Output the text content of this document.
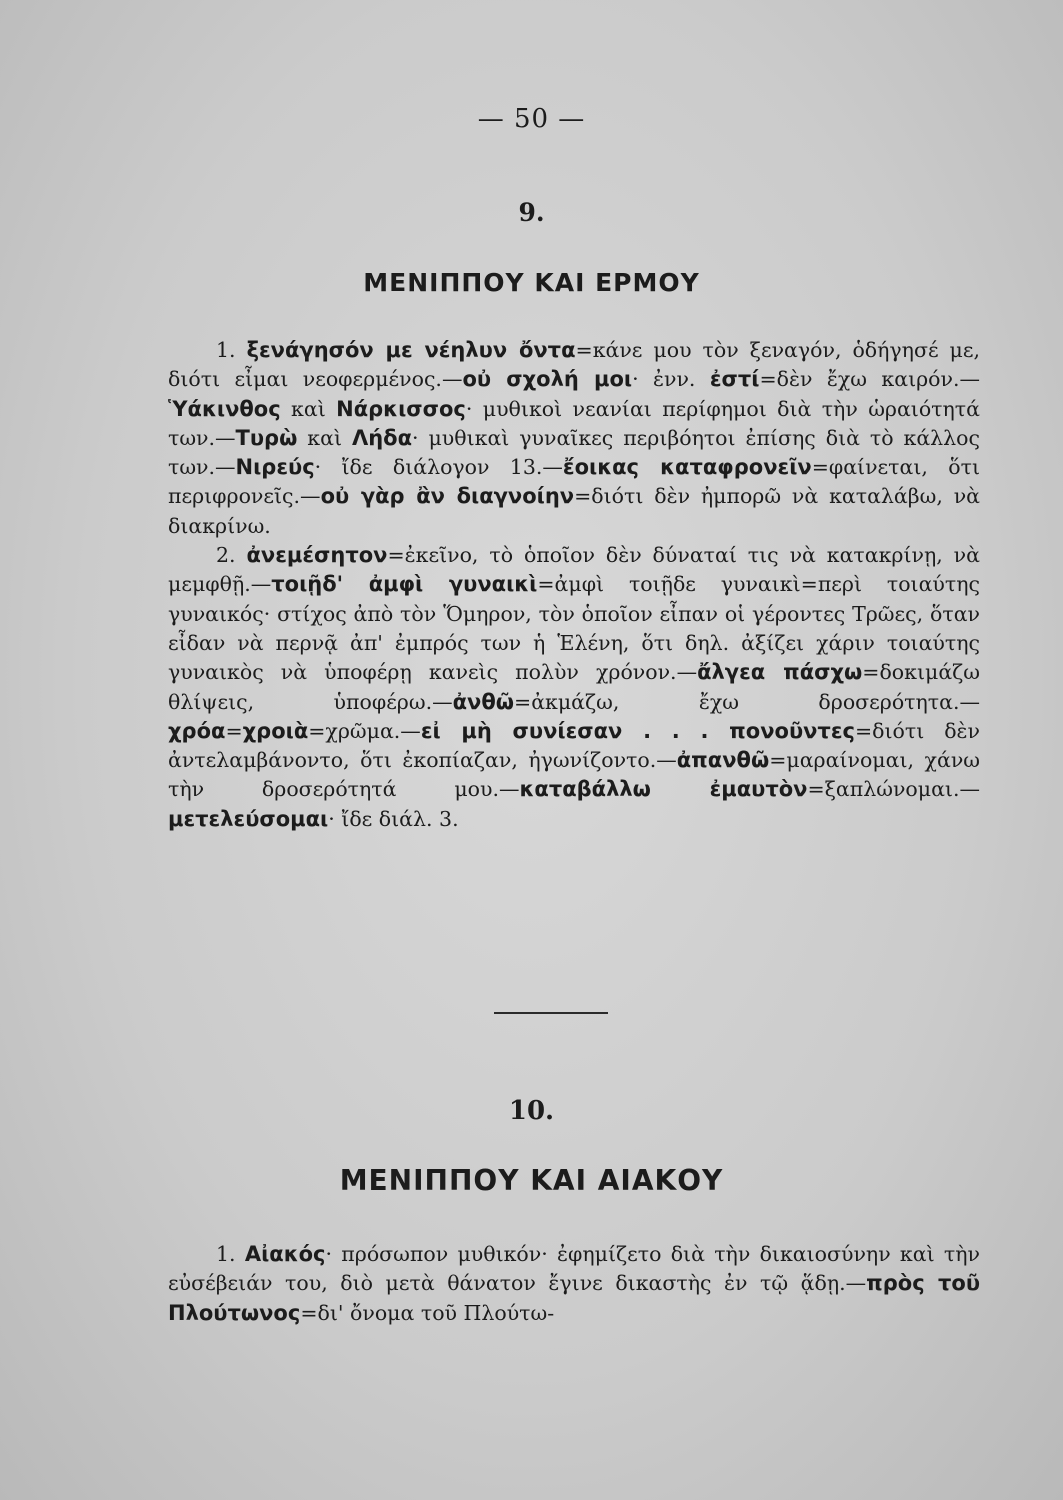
— 50 —
9.
ΜΕΝΙΠΠΟΥ ΚΑΙ ΕΡΜΟΥ

1. ξενάγησόν με νέηλυν ὄντα=κάνε μου τὸν ξεναγόν, ὁδήγησέ με, διότι εἶμαι νεοφερμένος.—οὐ σχολή μοι· ἐνν. ἐστί=δὲν ἔχω καιρόν.—Ὑάκινθος καὶ Νάρκισσος· μυθικοὶ νεανίαι περίφημοι διὰ τὴν ὡραιότητά των.—Τυρὼ καὶ Λήδα· μυθικαὶ γυναῖκες περιβόητοι ἐπίσης διὰ τὸ κάλλος των.—Νιρεύς· ἴδε διάλογον 13.—ἔοικας καταφρονεῖν=φαίνεται, ὅτι περιφρονεῖς.—οὐ γὰρ ἂν διαγνοίην=διότι δὲν ἠμπορῶ νὰ καταλάβω, νὰ διακρίνω.

2. ἀνεμέσητον=ἐκεῖνο, τὸ ὁποῖον δὲν δύναταί τις νὰ κατακρίνῃ, νὰ μεμφθῇ.—τοιῇδ' ἀμφὶ γυναικὶ=ἀμφὶ τοιῇδε γυναικὶ=περὶ τοιαύτης γυναικός· στίχος ἀπὸ τὸν Ὅμηρον, τὸν ὁποῖον εἶπαν οἱ γέροντες Τρῶες, ὅταν εἶδαν νὰ περνᾷ ἀπ' ἐμπρός των ἡ Ἑλένη, ὅτι δηλ. ἀξίζει χάριν τοιαύτης γυναικὸς νὰ ὑποφέρῃ κανεὶς πολὺν χρόνον.—ἄλγεα πάσχω=δοκιμάζω θλίψεις, ὑποφέρω.—ἀνθῶ=ἀκμάζω, ἔχω δροσερότητα.—χρόα=χροιὰ=χρῶμα.—εἰ μὴ συνίεσαν . . . πονοῦντες=διότι δὲν ἀντελαμβάνοντο, ὅτι ἐκοπίαζαν, ἠγωνίζοντο.—ἀπανθῶ=μαραίνομαι, χάνω τὴν δροσερότητά μου.—καταβάλλω ἐμαυτὸν=ξαπλώνομαι.—μετελεύσομαι· ἴδε διάλ. 3.

10.
ΜΕΝΙΠΠΟΥ ΚΑΙ ΑΙΑΚΟΥ

1. Αἰακός· πρόσωπον μυθικόν· ἐφημίζετο διὰ τὴν δικαιοσύνην καὶ τὴν εὐσέβειάν του, διὸ μετὰ θάνατον ἔγινε δικαστὴς ἐν τῷ ᾅδῃ.—πρὸς τοῦ Πλούτωνος=δι' ὄνομα τοῦ Πλούτω-
